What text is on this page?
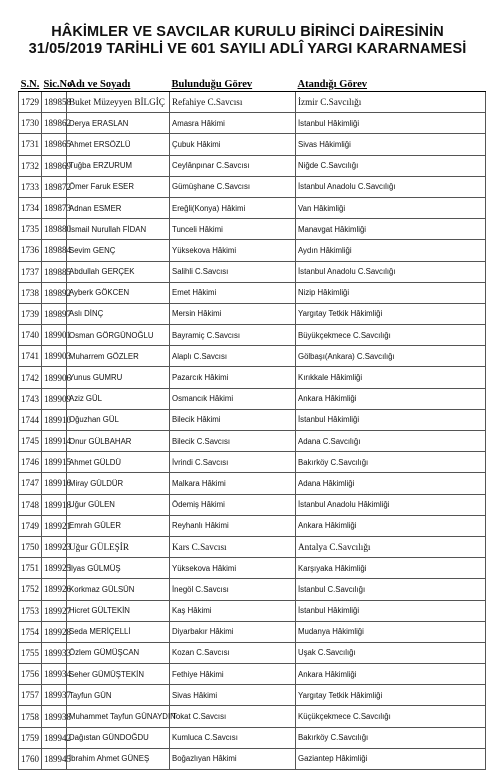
HÂKİMLER VE SAVCILAR KURULU BİRİNCİ DAİRESİNİN
31/05/2019 TARİHLİ VE 601 SAYILI ADLÎ YARGI KARARNAMESİ
S.N.	Sic.No	Adı ve Soyadı	Bulunduğu Görev	Atandığı Görev
1729	189858	Buket Müzeyyen BİLGİÇ	Refahiye C.Savcısı	İzmir C.Savcılığı
1730	189862	Derya ERASLAN	Amasra Hâkimi	İstanbul Hâkimliği
1731	189865	Ahmet ERSÖZLÜ	Çubuk Hâkimi	Sivas Hâkimliği
1732	189869	Tuğba ERZURUM	Ceylânpınar C.Savcısı	Niğde C.Savcılığı
1733	189872	Ömer Faruk ESER	Gümüşhane C.Savcısı	İstanbul Anadolu C.Savcılığı
1734	189873	Adnan ESMER	Ereğli(Konya) Hâkimi	Van Hâkimliği
1735	189880	İsmail Nurullah FİDAN	Tunceli Hâkimi	Manavgat Hâkimliği
1736	189884	Sevim GENÇ	Yüksekova Hâkimi	Aydın Hâkimliği
1737	189885	Abdullah GERÇEK	Salihli C.Savcısı	İstanbul Anadolu C.Savcılığı
1738	189892	Ayberk GÖKCEN	Emet Hâkimi	Nizip Hâkimliği
1739	189897	Aslı DİNÇ	Mersin Hâkimi	Yargıtay Tetkik Hâkimliği
1740	189901	Osman GÖRGÜNOĞLU	Bayramiç C.Savcısı	Büyükçekmece C.Savcılığı
1741	189903	Muharrem GÖZLER	Alaplı C.Savcısı	Gölbaşı(Ankara) C.Savcılığı
1742	189906	Yunus GUMRU	Pazarcık Hâkimi	Kırıkkale Hâkimliği
1743	189909	Aziz GÜL	Osmancık Hâkimi	Ankara Hâkimliği
1744	189910	Oğuzhan GÜL	Bilecik Hâkimi	İstanbul Hâkimliği
1745	189914	Onur GÜLBAHAR	Bilecik C.Savcısı	Adana C.Savcılığı
1746	189915	Ahmet GÜLDÜ	İvrindi C.Savcısı	Bakırköy C.Savcılığı
1747	189916	Miray GÜLDÜR	Malkara Hâkimi	Adana Hâkimliği
1748	189918	Uğur GÜLEN	Ödemiş Hâkimi	İstanbul Anadolu Hâkimliği
1749	189921	Emrah GÜLER	Reyhanlı Hâkimi	Ankara Hâkimliği
1750	189923	Uğur GÜLEŞİR	Kars C.Savcısı	Antalya C.Savcılığı
1751	189925	İlyas GÜLMÜŞ	Yüksekova Hâkimi	Karşıyaka Hâkimliği
1752	189926	Korkmaz GÜLSÜN	İnegöl C.Savcısı	İstanbul C.Savcılığı
1753	189927	Hicret GÜLTEKİN	Kaş Hâkimi	İstanbul Hâkimliği
1754	189928	Seda MERİÇELLİ	Diyarbakır Hâkimi	Mudanya Hâkimliği
1755	189933	Özlem GÜMÜŞCAN	Kozan C.Savcısı	Uşak C.Savcılığı
1756	189934	Seher GÜMÜŞTEKİN	Fethiye Hâkimi	Ankara Hâkimliği
1757	189937	Tayfun GÜN	Sivas Hâkimi	Yargıtay Tetkik Hâkimliği
1758	189938	Muhammet Tayfun GÜNAYDIN	Tokat C.Savcısı	Küçükçekmece C.Savcılığı
1759	189942	Dağıstan GÜNDOĞDU	Kumluca C.Savcısı	Bakırköy C.Savcılığı
1760	189945	İbrahim Ahmet GÜNEŞ	Boğazlıyan Hâkimi	Gaziantep Hâkimliği
